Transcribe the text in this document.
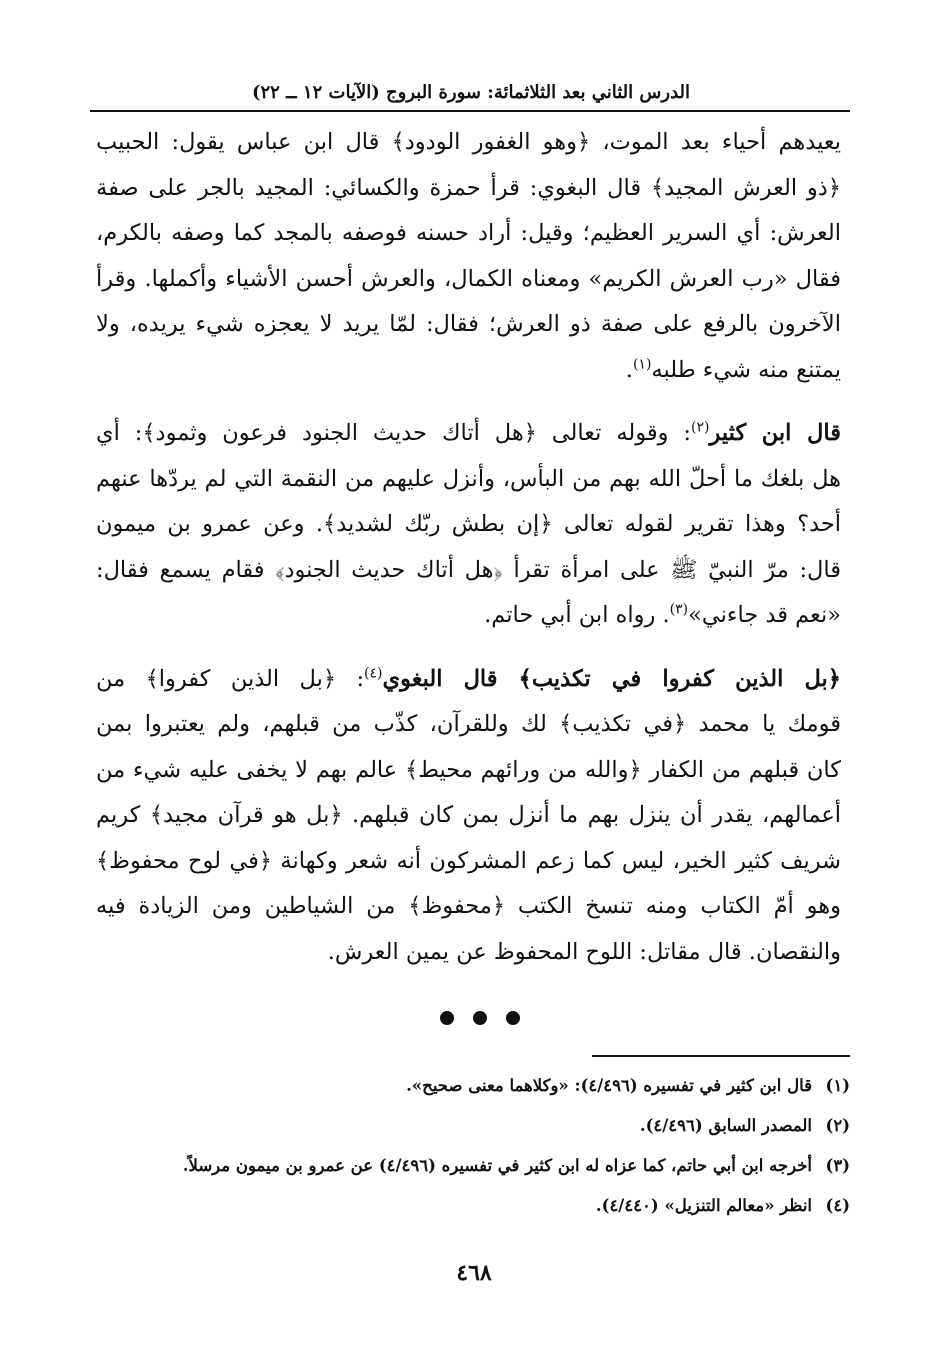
الدرس الثاني بعد الثلاثمائة: سورة البروج (الآيات ١٢ ــ ٢٢)
يعيدهم أحياء بعد الموت، ﴿وهو الغفور الودود﴾ قال ابن عباس يقول: الحبيب
﴿ذو العرش المجيد﴾ قال البغوي: قرأ حمزة والكسائي: المجيد بالجر على صفة
العرش: أي السرير العظيم؛ وقيل: أراد حسنه فوصفه بالمجد كما وصفه بالكرم،
فقال «رب العرش الكريم» ومعناه الكمال، والعرش أحسن الأشياء وأكملها. وقرأ
الآخرون بالرفع على صفة ذو العرش؛ فقال: لمّا يريد لا يعجزه شيء يريده، ولا
يمتنع منه شيء طلبه$^{(١)}$.
قال ابن كثير$^{(٢)}$: وقوله تعالى ﴿هل أتاك حديث الجنود فرعون وثمود﴾: أي
هل بلغك ما أحلّ الله بهم من البأس، وأنزل عليهم من النقمة التي لم يردّها عنهم
أحد؟ وهذا تقرير لقوله تعالى ﴿إن بطش ربّك لشديد﴾. وعن عمرو بن ميمون
قال: مرّ النبيّ ﷺ على امرأة تقرأ ﴿هل أتاك حديث الجنود﴾ فقام يسمع فقال:
«نعم قد جاءني»$^{(٣)}$. رواه ابن أبي حاتم.
﴿بل الذين كفروا في تكذيب﴾ قال البغوي$^{(٤)}$: ﴿بل الذين كفروا﴾ من
قومك يا محمد ﴿في تكذيب﴾ لك وللقرآن، كذّب من قبلهم، ولم يعتبروا بمن
كان قبلهم من الكفار ﴿والله من ورائهم محيط﴾ عالم بهم لا يخفى عليه شيء من
أعمالهم، يقدر أن ينزل بهم ما أنزل بمن كان قبلهم. ﴿بل هو قرآن مجيد﴾ كريم
شريف كثير الخير، ليس كما زعم المشركون أنه شعر وكهانة ﴿في لوح محفوظ﴾
وهو أمّ الكتاب ومنه تنسخ الكتب ﴿محفوظ﴾ من الشياطين ومن الزيادة فيه
والنقصان. قال مقاتل: اللوح المحفوظ عن يمين العرش.
(١)قال ابن كثير في تفسيره (٤/٤٩٦): «وكلاهما معنى صحيح».
(٢)المصدر السابق (٤/٤٩٦).
(٣)أخرجه ابن أبي حاتم، كما عزاه له ابن كثير في تفسيره (٤/٤٩٦) عن عمرو بن ميمون مرسلاً.
(٤)انظر «معالم التنزيل» (٤/٤٤٠).
٤٦٨
